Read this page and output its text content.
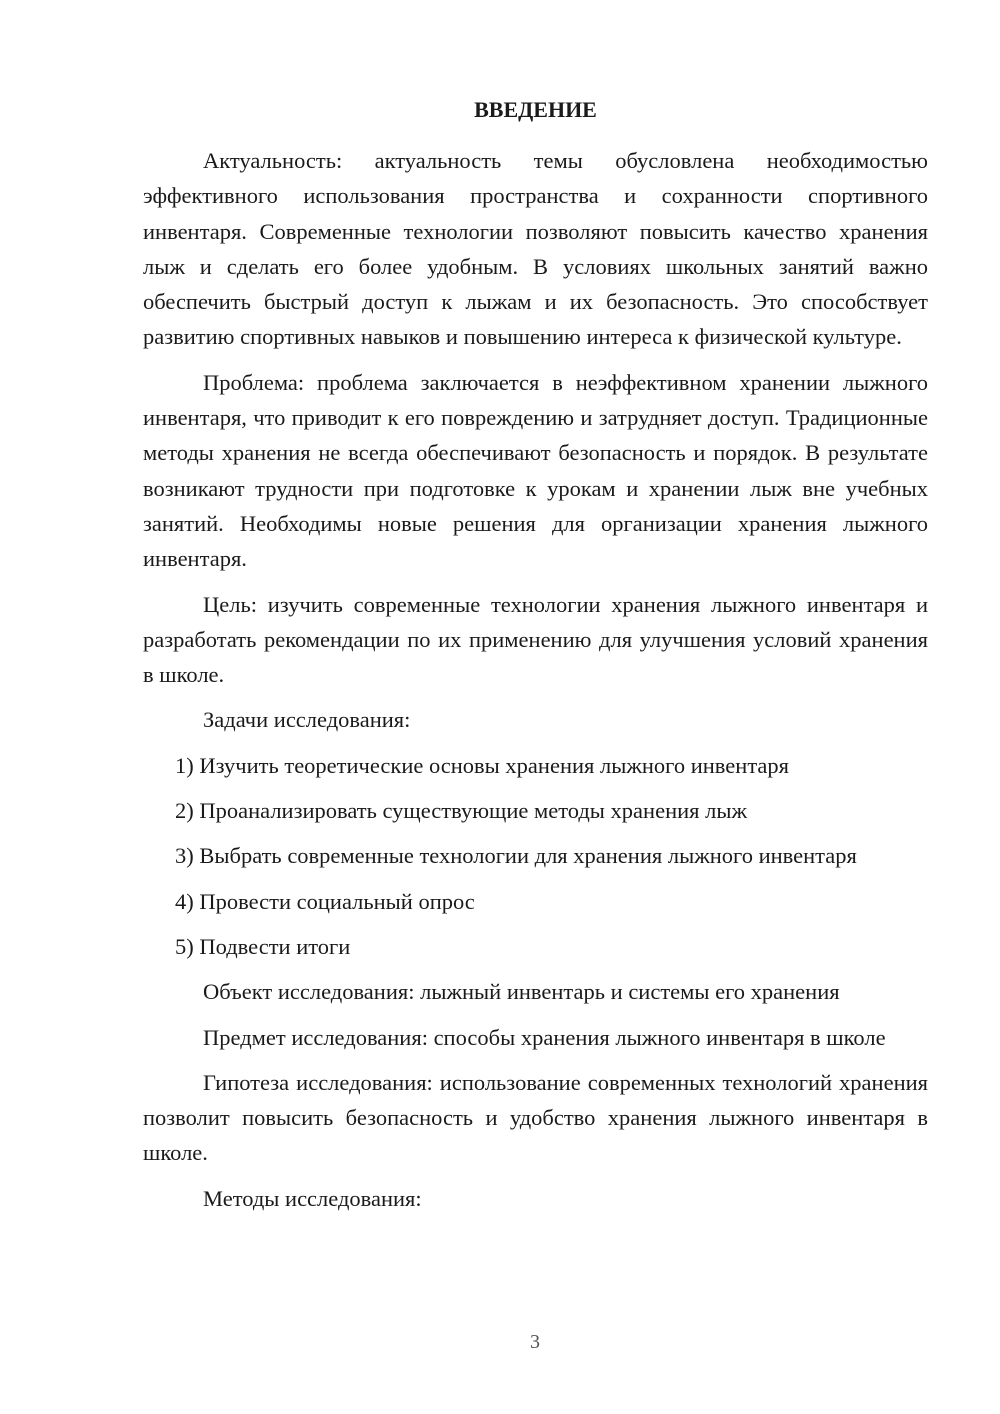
ВВЕДЕНИЕ

Актуальность: актуальность темы обусловлена необходимостью эффективного использования пространства и сохранности спортивного инвентаря. Современные технологии позволяют повысить качество хранения лыж и сделать его более удобным. В условиях школьных занятий важно обеспечить быстрый доступ к лыжам и их безопасность. Это способствует развитию спортивных навыков и повышению интереса к физической культуре.

Проблема: проблема заключается в неэффективном хранении лыжного инвентаря, что приводит к его повреждению и затрудняет доступ. Традиционные методы хранения не всегда обеспечивают безопасность и порядок. В результате возникают трудности при подготовке к урокам и хранении лыж вне учебных занятий. Необходимы новые решения для организации хранения лыжного инвентаря.

Цель: изучить современные технологии хранения лыжного инвентаря и разработать рекомендации по их применению для улучшения условий хранения в школе.

Задачи исследования:

1) Изучить теоретические основы хранения лыжного инвентаря
2) Проанализировать существующие методы хранения лыж
3) Выбрать современные технологии для хранения лыжного инвентаря
4) Провести социальный опрос
5) Подвести итоги

Объект исследования: лыжный инвентарь и системы его хранения

Предмет исследования: способы хранения лыжного инвентаря в школе

Гипотеза исследования: использование современных технологий хранения позволит повысить безопасность и удобство хранения лыжного инвентаря в школе.

Методы исследования:

3
